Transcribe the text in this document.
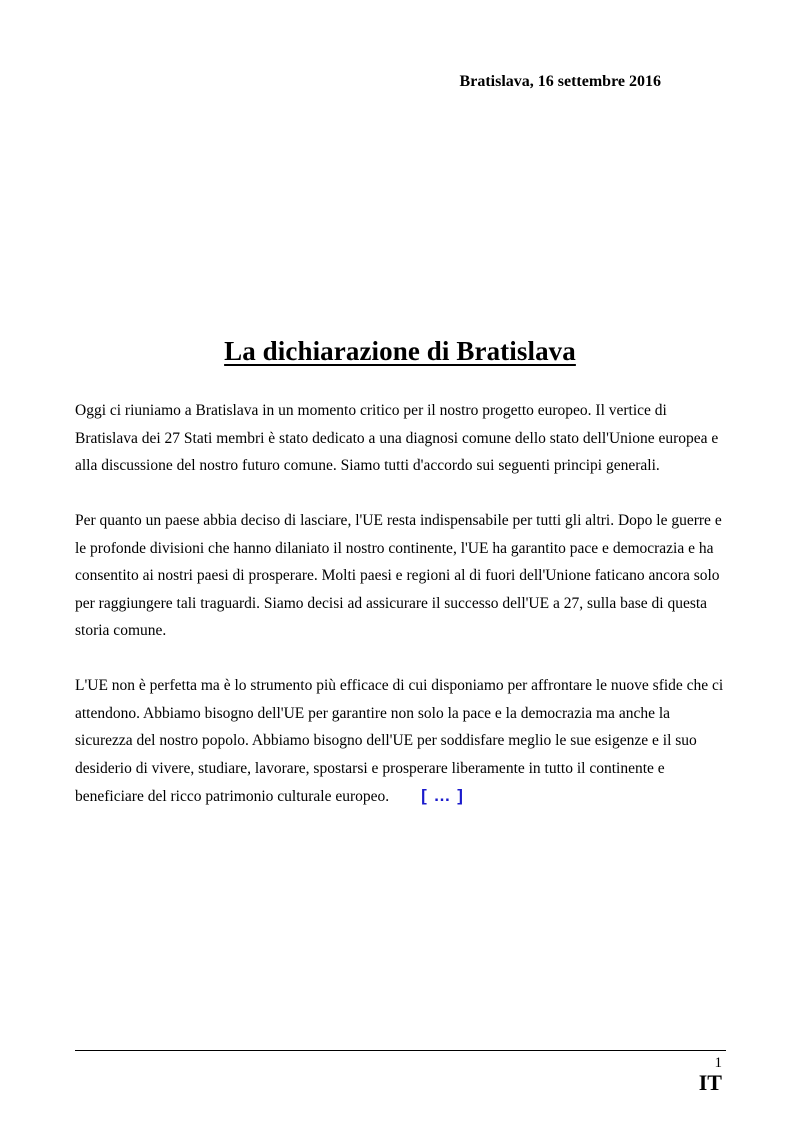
Bratislava, 16 settembre 2016

La dichiarazione di Bratislava

Oggi ci riuniamo a Bratislava in un momento critico per il nostro progetto europeo. Il vertice di Bratislava dei 27 Stati membri è stato dedicato a una diagnosi comune dello stato dell'Unione europea e alla discussione del nostro futuro comune. Siamo tutti d'accordo sui seguenti principi generali.

Per quanto un paese abbia deciso di lasciare, l'UE resta indispensabile per tutti gli altri. Dopo le guerre e le profonde divisioni che hanno dilaniato il nostro continente, l'UE ha garantito pace e democrazia e ha consentito ai nostri paesi di prosperare. Molti paesi e regioni al di fuori dell'Unione faticano ancora solo per raggiungere tali traguardi. Siamo decisi ad assicurare il successo dell'UE a 27, sulla base di questa storia comune.

L'UE non è perfetta ma è lo strumento più efficace di cui disponiamo per affrontare le nuove sfide che ci attendono. Abbiamo bisogno dell'UE per garantire non solo la pace e la democrazia ma anche la sicurezza del nostro popolo. Abbiamo bisogno dell'UE per soddisfare meglio le sue esigenze e il suo desiderio di vivere, studiare, lavorare, spostarsi e prosperare liberamente in tutto il continente e beneficiare del ricco patrimonio culturale europeo. [ … ]

1

IT
